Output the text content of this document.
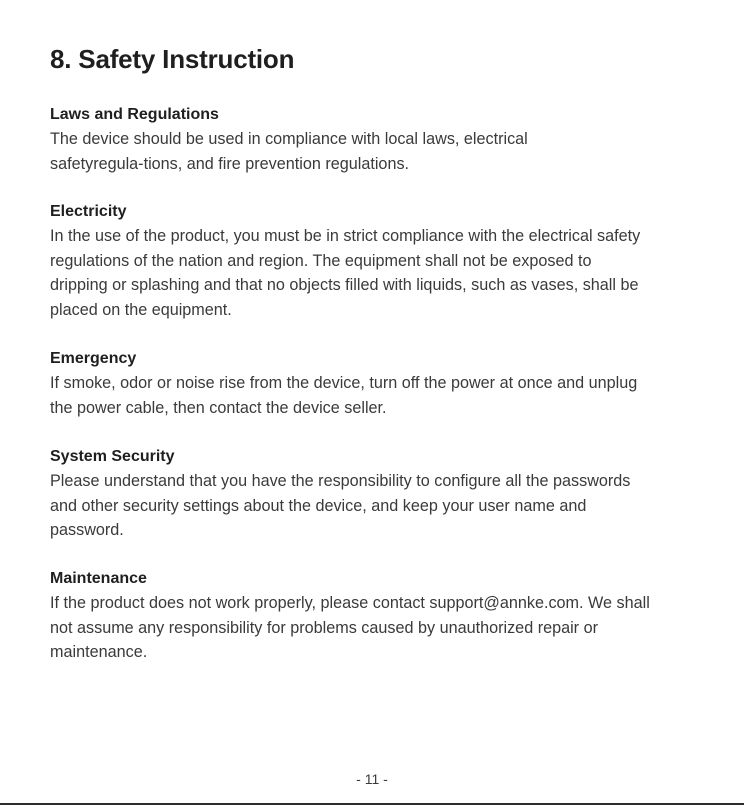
8. Safety Instruction
Laws and Regulations

The device should be used in compliance with local laws, electrical

safetyregula-tions, and fire prevention regulations.

Electricity

In the use of the product, you must be in strict compliance with the electrical safety

regulations of the nation and region. The equipment shall not be exposed to

dripping or splashing and that no objects filled with liquids, such as vases, shall be

placed on the equipment.

Emergency

If smoke, odor or noise rise from the device, turn off the power at once and unplug

the power cable, then contact the device seller.

System Security

Please understand that you have the responsibility to configure all the passwords

and other security settings about the device, and keep your user name and

password.

Maintenance

If the product does not work properly, please contact support@annke.com. We shall

not assume any responsibility for problems caused by unauthorized repair or

maintenance.

- 11 -
